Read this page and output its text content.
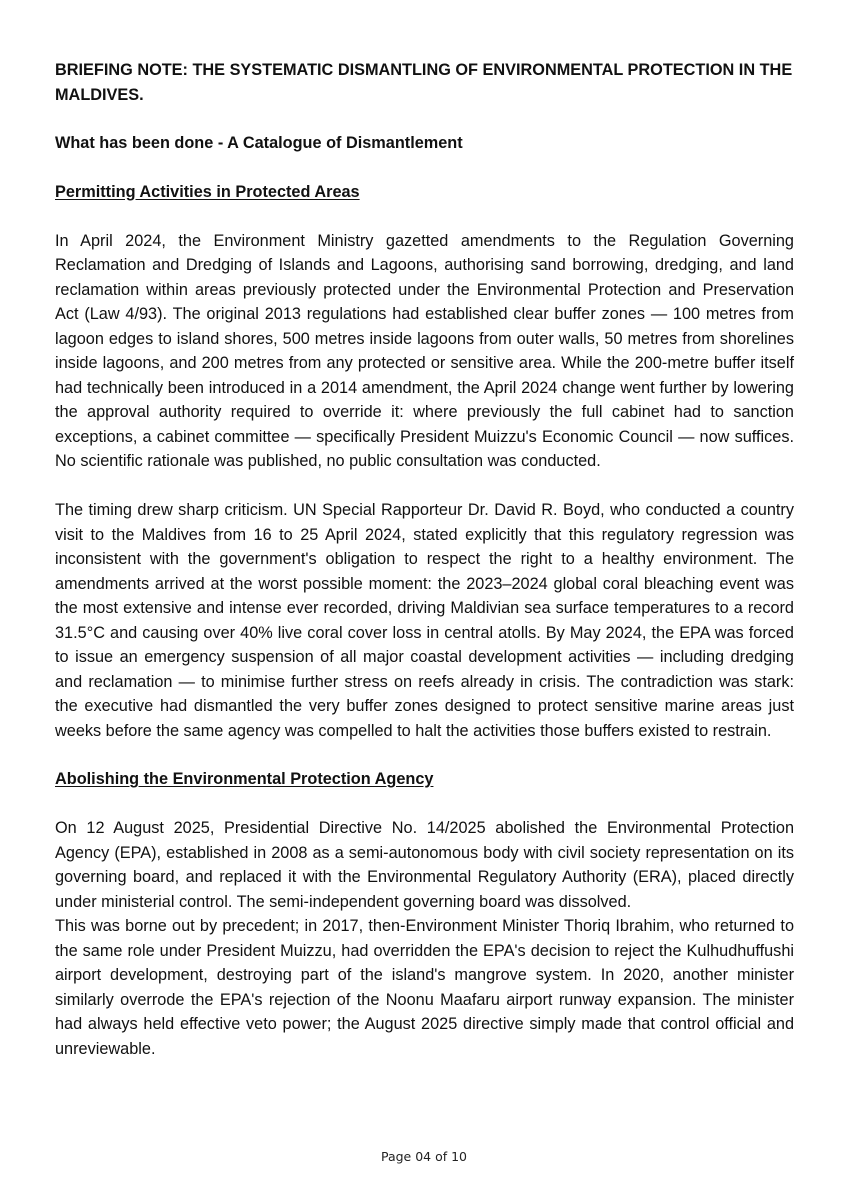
BRIEFING NOTE: THE SYSTEMATIC DISMANTLING OF ENVIRONMENTAL PROTECTION IN THE MALDIVES.

What has been done - A Catalogue of Dismantlement

Permitting Activities in Protected Areas

In April 2024, the Environment Ministry gazetted amendments to the Regulation Governing Reclamation and Dredging of Islands and Lagoons, authorising sand borrowing, dredging, and land reclamation within areas previously protected under the Environmental Protection and Preservation Act (Law 4/93). The original 2013 regulations had established clear buffer zones — 100 metres from lagoon edges to island shores, 500 metres inside lagoons from outer walls, 50 metres from shorelines inside lagoons, and 200 metres from any protected or sensitive area. While the 200-metre buffer itself had technically been introduced in a 2014 amendment, the April 2024 change went further by lowering the approval authority required to override it: where previously the full cabinet had to sanction exceptions, a cabinet committee — specifically President Muizzu's Economic Council — now suffices. No scientific rationale was published, no public consultation was conducted.

The timing drew sharp criticism. UN Special Rapporteur Dr. David R. Boyd, who conducted a country visit to the Maldives from 16 to 25 April 2024, stated explicitly that this regulatory regression was inconsistent with the government's obligation to respect the right to a healthy environment. The amendments arrived at the worst possible moment: the 2023–2024 global coral bleaching event was the most extensive and intense ever recorded, driving Maldivian sea surface temperatures to a record 31.5°C and causing over 40% live coral cover loss in central atolls. By May 2024, the EPA was forced to issue an emergency suspension of all major coastal development activities — including dredging and reclamation — to minimise further stress on reefs already in crisis. The contradiction was stark: the executive had dismantled the very buffer zones designed to protect sensitive marine areas just weeks before the same agency was compelled to halt the activities those buffers existed to restrain.

Abolishing the Environmental Protection Agency

On 12 August 2025, Presidential Directive No. 14/2025 abolished the Environmental Protection Agency (EPA), established in 2008 as a semi-autonomous body with civil society representation on its governing board, and replaced it with the Environmental Regulatory Authority (ERA), placed directly under ministerial control. The semi-independent governing board was dissolved.

This was borne out by precedent; in 2017, then-Environment Minister Thoriq Ibrahim, who returned to the same role under President Muizzu, had overridden the EPA's decision to reject the Kulhudhuffushi airport development, destroying part of the island's mangrove system. In 2020, another minister similarly overrode the EPA's rejection of the Noonu Maafaru airport runway expansion. The minister had always held effective veto power; the August 2025 directive simply made that control official and unreviewable.

Page 04 of 10
